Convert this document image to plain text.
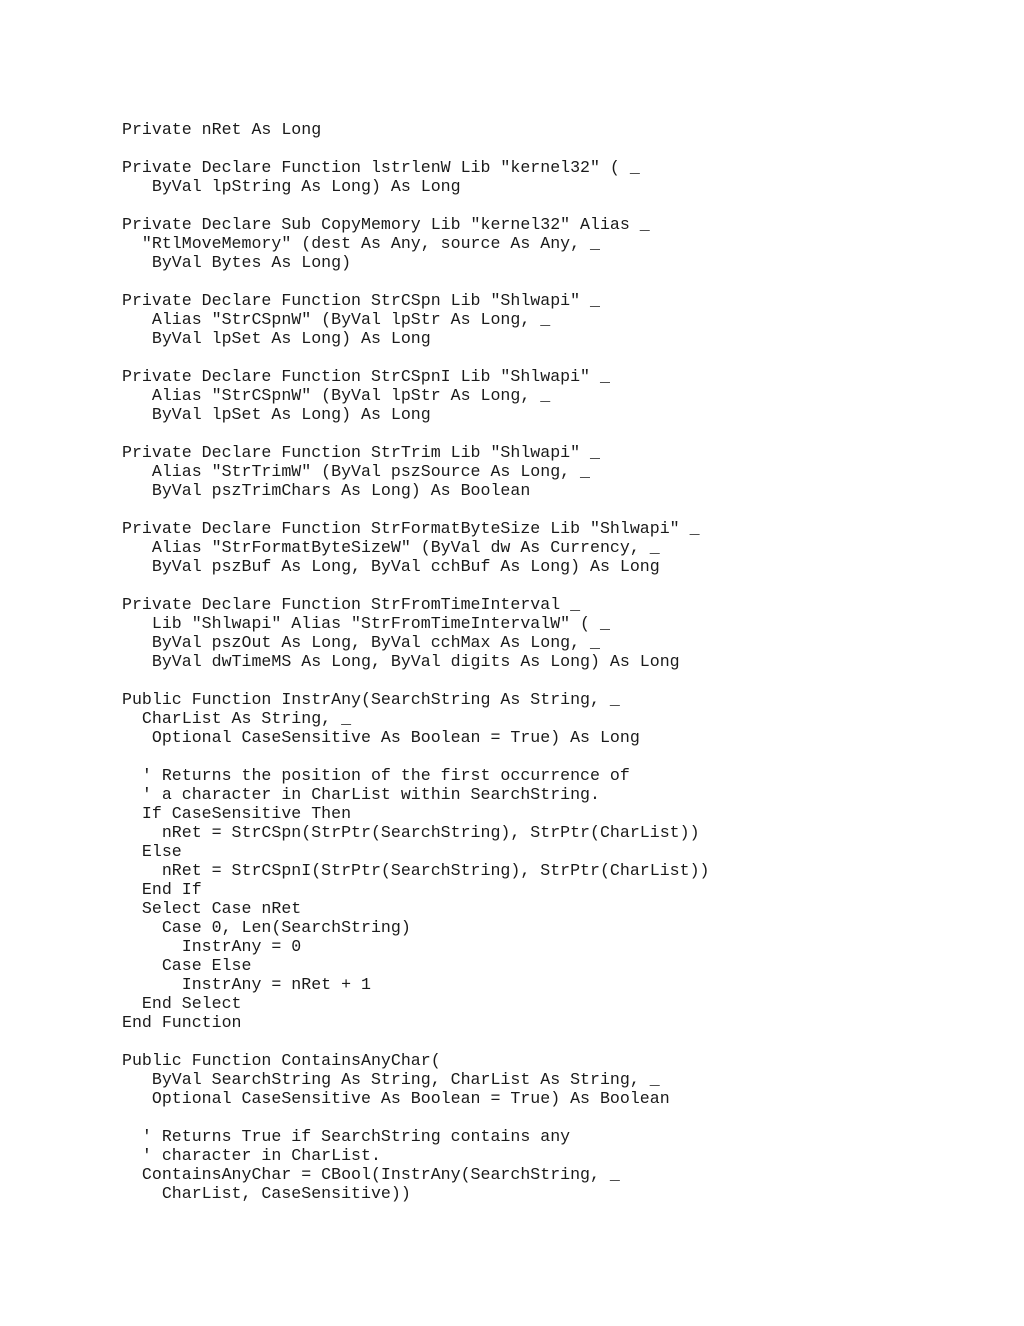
Private nRet As Long
Private Declare Function lstrlenW Lib "kernel32" ( _
ByVal lpString As Long) As Long
Private Declare Sub CopyMemory Lib "kernel32" Alias _
"RtlMoveMemory" (dest As Any, source As Any, _
ByVal Bytes As Long)
Private Declare Function StrCSpn Lib "Shlwapi" _
Alias "StrCSpnW" (ByVal lpStr As Long, _
ByVal lpSet As Long) As Long
Private Declare Function StrCSpnI Lib "Shlwapi" _
Alias "StrCSpnW" (ByVal lpStr As Long, _
ByVal lpSet As Long) As Long
Private Declare Function StrTrim Lib "Shlwapi" _
Alias "StrTrimW" (ByVal pszSource As Long, _
ByVal pszTrimChars As Long) As Boolean
Private Declare Function StrFormatByteSize Lib "Shlwapi" _
Alias "StrFormatByteSizeW" (ByVal dw As Currency, _
ByVal pszBuf As Long, ByVal cchBuf As Long) As Long
Private Declare Function StrFromTimeInterval _
Lib "Shlwapi" Alias "StrFromTimeIntervalW" ( _
ByVal pszOut As Long, ByVal cchMax As Long, _
ByVal dwTimeMS As Long, ByVal digits As Long) As Long
Public Function InstrAny(SearchString As String, _
CharList As String, _
Optional CaseSensitive As Boolean = True) As Long
' Returns the position of the first occurrence of
' a character in CharList within SearchString.
If CaseSensitive Then
nRet = StrCSpn(StrPtr(SearchString), StrPtr(CharList))
Else
nRet = StrCSpnI(StrPtr(SearchString), StrPtr(CharList))
End If
Select Case nRet
Case 0, Len(SearchString)
InstrAny = 0
Case Else
InstrAny = nRet + 1
End Select
End Function
Public Function ContainsAnyChar(
ByVal SearchString As String, CharList As String, _
Optional CaseSensitive As Boolean = True) As Boolean
' Returns True if SearchString contains any
' character in CharList.
ContainsAnyChar = CBool(InstrAny(SearchString, _
CharList, CaseSensitive))
